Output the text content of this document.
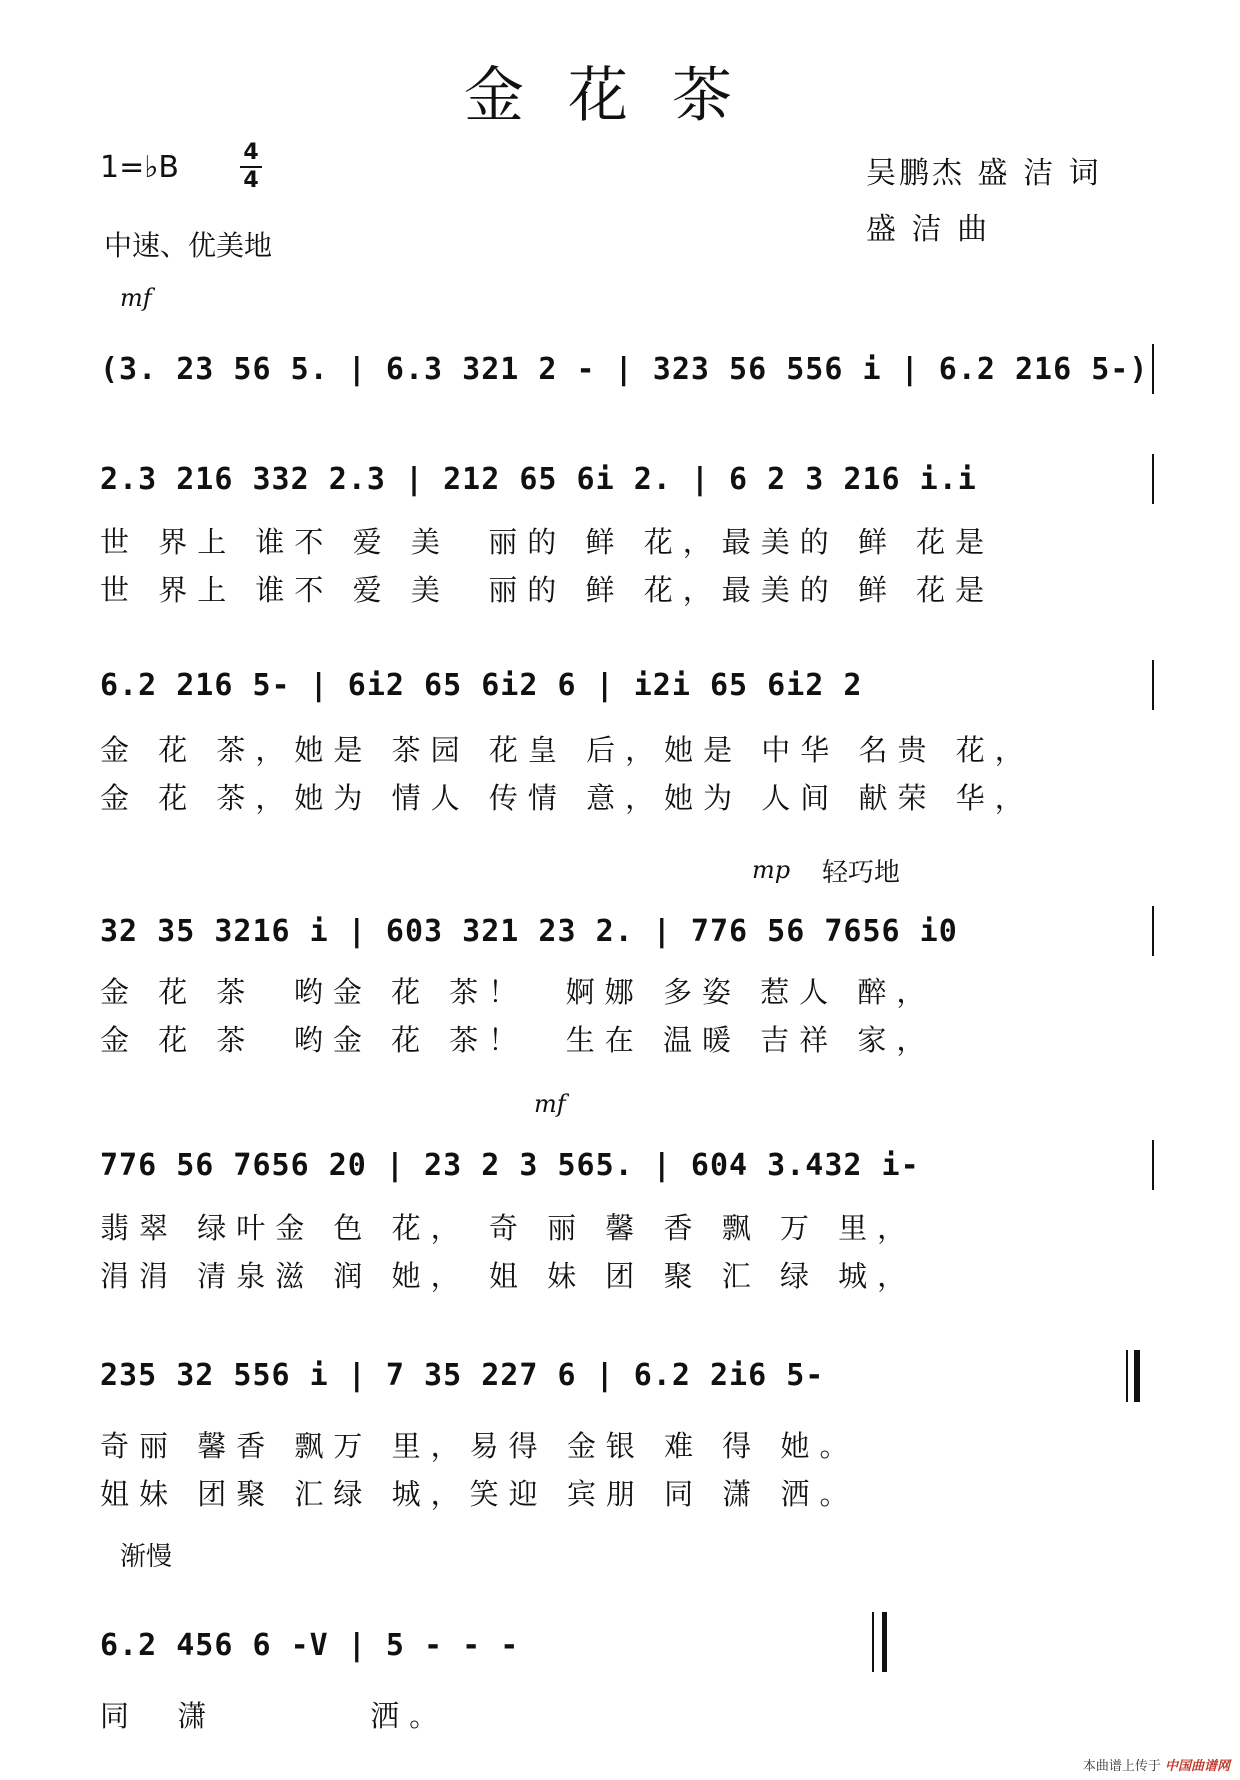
金花茶
1=♭B	4
4
中速、优美地
吴鹏杰 盛 洁 词
盛 洁 曲
mf
(3. 23 56 5. | 6.3 321 2 - | 323 56 556 i | 6.2 216 5-)
2.3 216 332 2.3 | 212 65 6i 2. | 6 2 3 216 i.i
世 界上 谁不 爱 美  丽的 鲜 花，最美的 鲜 花是
世 界上 谁不 爱 美  丽的 鲜 花，最美的 鲜 花是
6.2 216 5- | 6i2 65 6i2 6 | i2i 65 6i2 2
金 花 茶，她是 茶园 花皇 后，她是 中华 名贵 花，
金 花 茶，她为 情人 传情 意，她为 人间 献荣 华，
mp 轻巧地
32 35 3216 i | 603 321 23 2. | 776 56 7656 i0
金 花 茶  哟金 花 茶！  婀娜 多姿 惹人 醉，
金 花 茶  哟金 花 茶！  生在 温暖 吉祥 家，
mf
776 56 7656 20 | 23 2 3 565. | 604 3.432 i-
翡翠 绿叶金 色 花， 奇 丽 馨 香 飘 万 里，
涓涓 清泉滋 润 她， 姐 妹 团 聚 汇 绿 城，
235 32 556 i | 7 35 227 6 | 6.2 2i6 5-
奇丽 馨香 飘万 里，易得 金银 难 得 她。
姐妹 团聚 汇绿 城，笑迎 宾朋 同 潇 洒。
渐慢
6.2 456 6 -V | 5 - - -
同  潇        洒。
本曲谱上传于 中国曲谱网
